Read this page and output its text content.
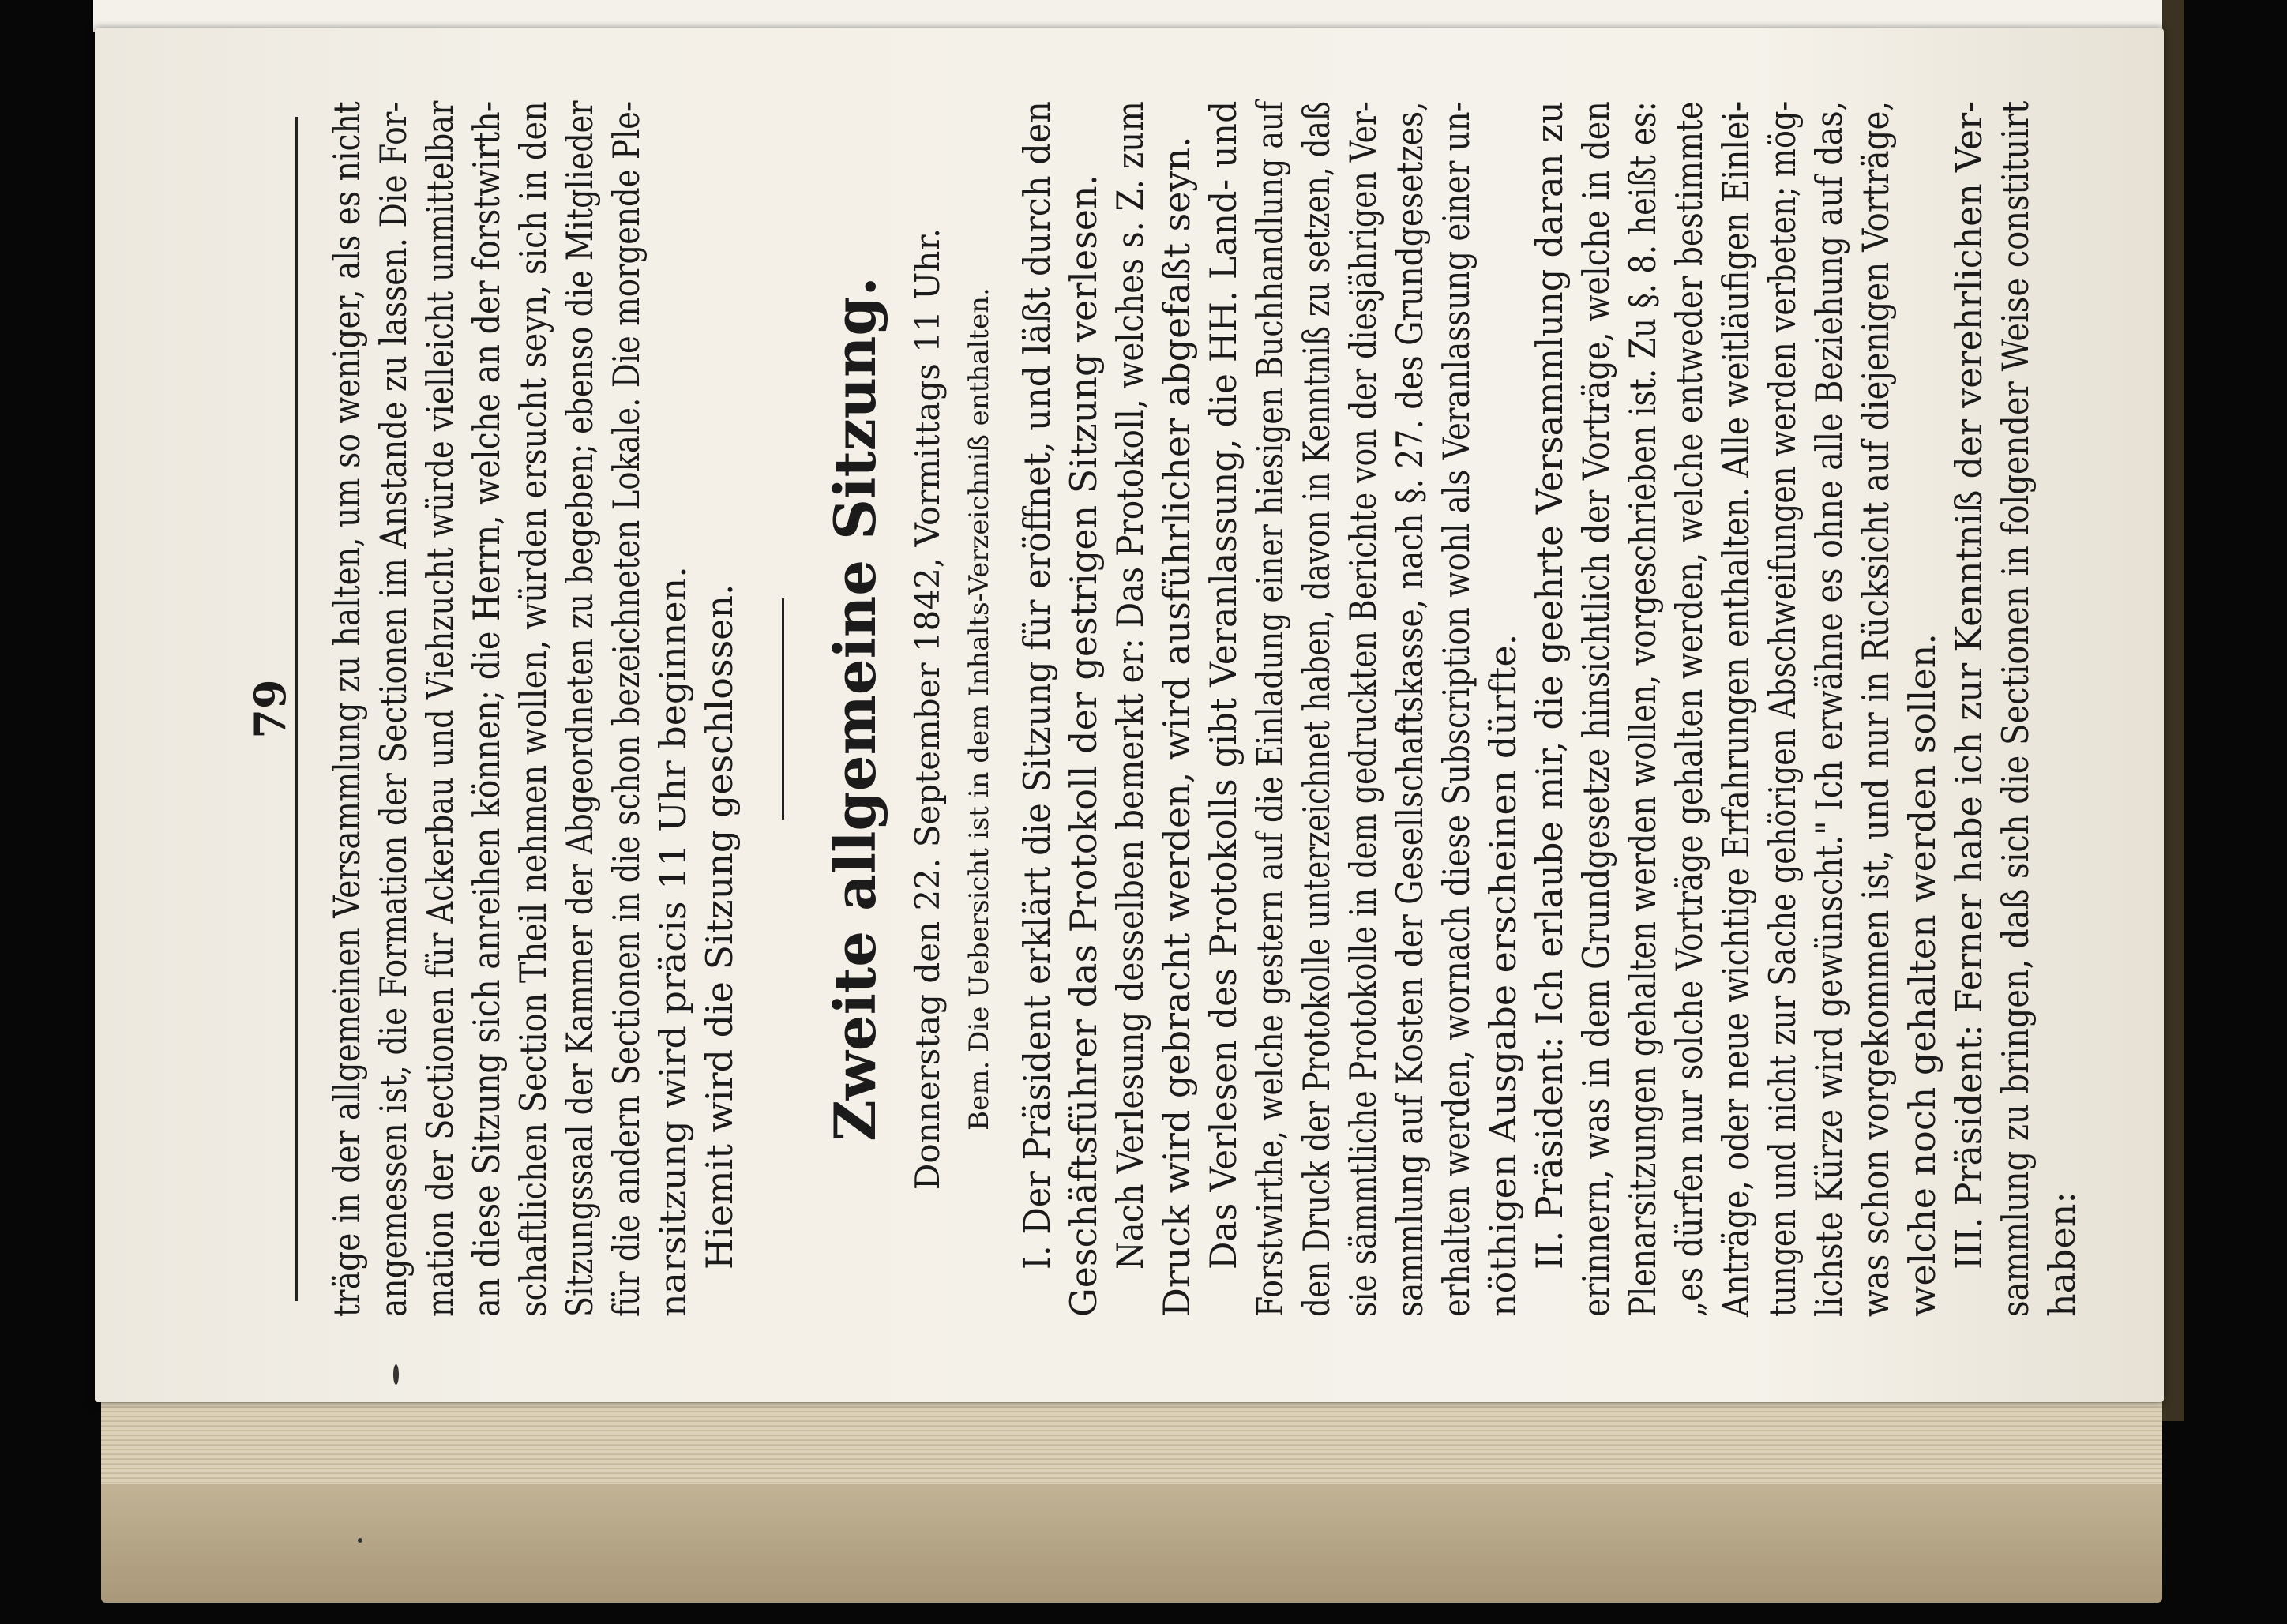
79 träge in der allgemeinen Versammlung zu halten, um so weniger, als es nicht angemessen ist, die Formation der Sectionen im Anstande zu lassen. Die For- mation der Sectionen für Ackerbau und Viehzucht würde vielleicht unmittelbar an diese Sitzung sich anreihen können; die Herrn, welche an der forstwirth- schaftlichen Section Theil nehmen wollen, würden ersucht seyn, sich in den Sitzungssaal der Kammer der Abgeordneten zu begeben; ebenso die Mitglieder für die andern Sectionen in die schon bezeichneten Lokale. Die morgende Ple- narsitzung wird präcis 11 Uhr beginnen. Hiemit wird die Sitzung geschlossen. Zweite allgemeine Sitzung. Donnerstag den 22. September 1842, Vormittags 11 Uhr. Bem. Die Uebersicht ist in dem Inhalts-Verzeichniß enthalten. I. Der Präsident erklärt die Sitzung für eröffnet, und läßt durch den Geschäftsführer das Protokoll der gestrigen Sitzung verlesen. Nach Verlesung desselben bemerkt er: Das Protokoll, welches s. Z. zum Druck wird gebracht werden, wird ausführlicher abgefaßt seyn. Das Verlesen des Protokolls gibt Veranlassung, die HH. Land- und Forstwirthe, welche gestern auf die Einladung einer hiesigen Buchhandlung auf den Druck der Protokolle unterzeichnet haben, davon in Kenntniß zu setzen, daß sie sämmtliche Protokolle in dem gedruckten Berichte von der diesjährigen Ver- sammlung auf Kosten der Gesellschaftskasse, nach §. 27. des Grundgesetzes, erhalten werden, wornach diese Subscription wohl als Veranlassung einer un- nöthigen Ausgabe erscheinen dürfte. II. Präsident: Ich erlaube mir, die geehrte Versammlung daran zu erinnern, was in dem Grundgesetze hinsichtlich der Vorträge, welche in den Plenarsitzungen gehalten werden wollen, vorgeschrieben ist. Zu §. 8. heißt es: „es dürfen nur solche Vorträge gehalten werden, welche entweder bestimmte Anträge, oder neue wichtige Erfahrungen enthalten. Alle weitläufigen Einlei- tungen und nicht zur Sache gehörigen Abschweifungen werden verbeten; mög- lichste Kürze wird gewünscht." Ich erwähne es ohne alle Beziehung auf das, was schon vorgekommen ist, und nur in Rücksicht auf diejenigen Vorträge, welche noch gehalten werden sollen. III. Präsident: Ferner habe ich zur Kenntniß der verehrlichen Ver- sammlung zu bringen, daß sich die Sectionen in folgender Weise constituirt haben:
